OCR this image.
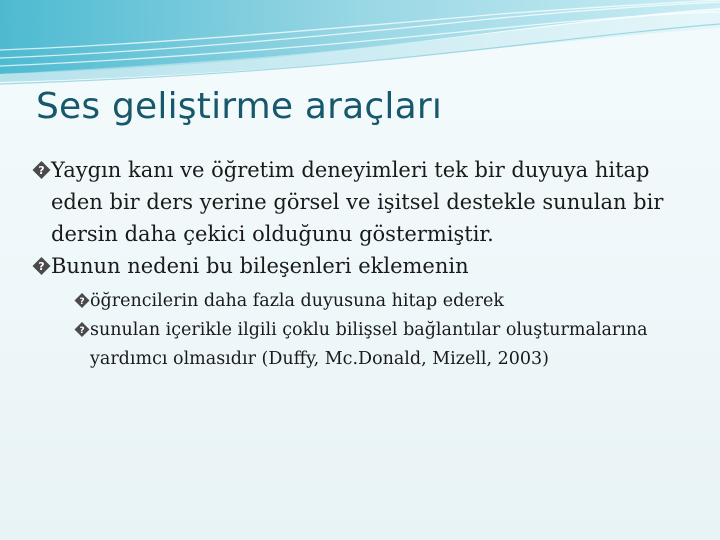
Ses geliştirme araçları
? Yaygın kanı ve öğretim deneyimleri tek bir duyuya hitap eden bir ders yerine görsel ve işitsel destekle sunulan bir dersin daha çekici olduğunu göstermiştir.
? Bunun nedeni bu bileşenleri eklemenin
? öğrencilerin daha fazla duyusuna hitap ederek
? sunulan içerikle ilgili çoklu bilişsel bağlantılar oluşturmalarına yardımcı olmasıdır (Duffy, Mc.Donald, Mizell, 2003)
